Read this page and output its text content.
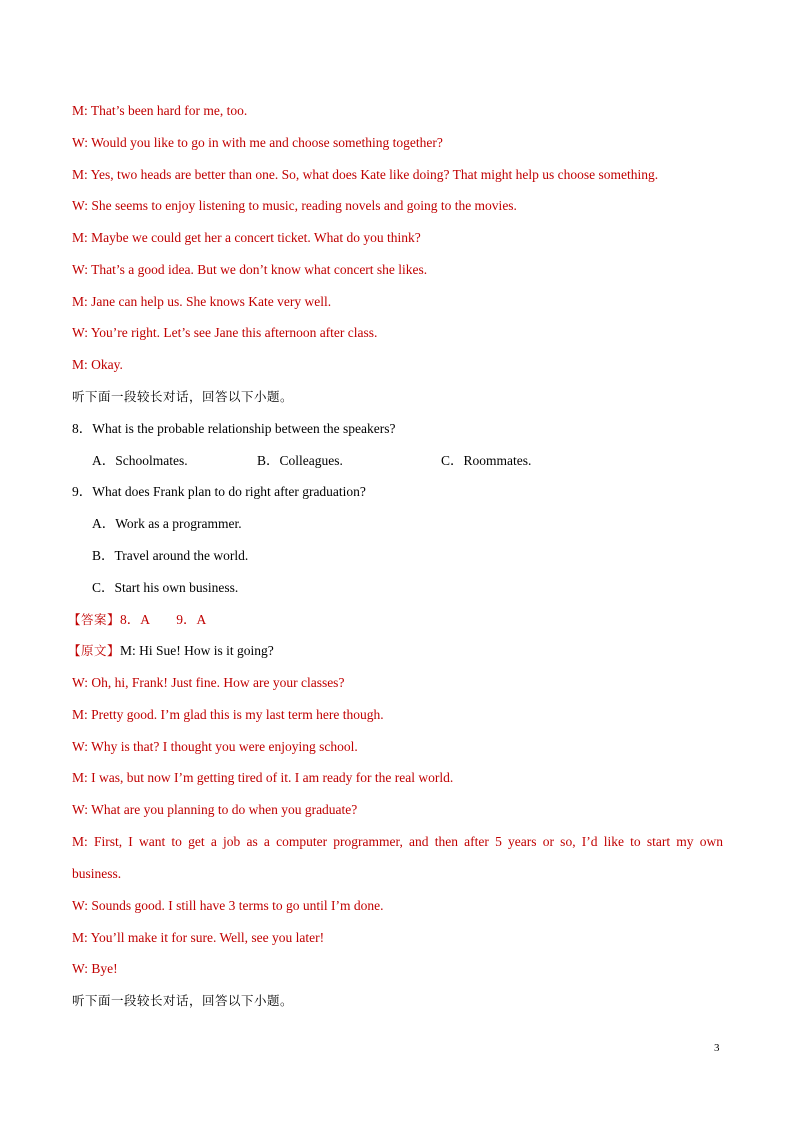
M: That’s been hard for me, too.
W: Would you like to go in with me and choose something together?
M: Yes, two heads are better than one. So, what does Kate like doing? That might help us choose something.
W: She seems to enjoy listening to music, reading novels and going to the movies.
M: Maybe we could get her a concert ticket. What do you think?
W: That’s a good idea. But we don’t know what concert she likes.
M: Jane can help us. She knows Kate very well.
W: You’re right. Let’s see Jane this afternoon after class.
M: Okay.
听下面一段较长对话，回答以下小题。
8．What is the probable relationship between the speakers?
A．Schoolmates.	B．Colleagues.	C．Roommates.
9．What does Frank plan to do right after graduation?
A．Work as a programmer.
B．Travel around the world.
C．Start his own business.
【答案】8．A　　9．A
【原文】M: Hi Sue! How is it going?
W: Oh, hi, Frank! Just fine. How are your classes?
M: Pretty good. I’m glad this is my last term here though.
W: Why is that? I thought you were enjoying school.
M: I was, but now I’m getting tired of it. I am ready for the real world.
W: What are you planning to do when you graduate?
M: First, I want to get a job as a computer programmer, and then after 5 years or so, I’d like to start my own
business.
W: Sounds good. I still have 3 terms to go until I’m done.
M: You’ll make it for sure. Well, see you later!
W: Bye!
听下面一段较长对话，回答以下小题。
3
